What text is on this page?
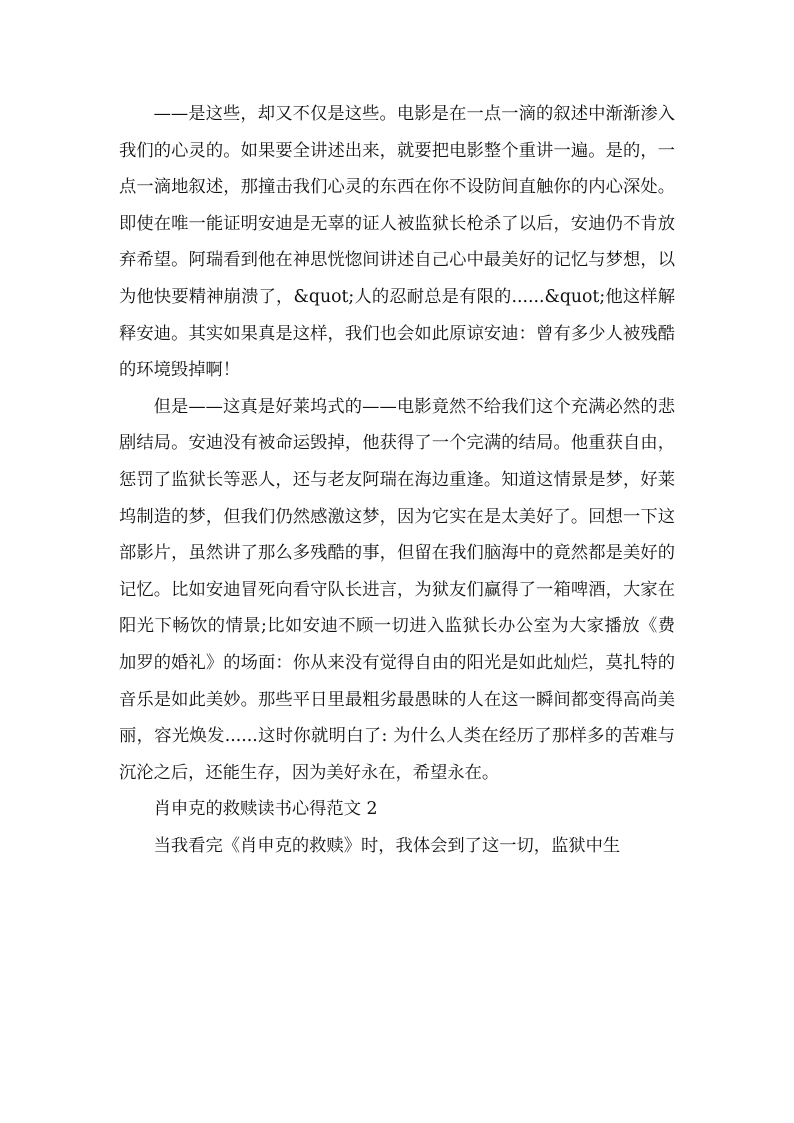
——是这些，却又不仅是这些。电影是在一点一滴的叙述中渐渐渗入我们的心灵的。如果要全讲述出来，就要把电影整个重讲一遍。是的，一点一滴地叙述，那撞击我们心灵的东西在你不设防间直触你的内心深处。即使在唯一能证明安迪是无辜的证人被监狱长枪杀了以后，安迪仍不肯放弃希望。阿瑞看到他在神思恍惚间讲述自己心中最美好的记忆与梦想，以为他快要精神崩溃了，&quot;人的忍耐总是有限的......&quot;他这样解释安迪。其实如果真是这样，我们也会如此原谅安迪：曾有多少人被残酷的环境毁掉啊！

但是——这真是好莱坞式的——电影竟然不给我们这个充满必然的悲剧结局。安迪没有被命运毁掉，他获得了一个完满的结局。他重获自由，惩罚了监狱长等恶人，还与老友阿瑞在海边重逢。知道这情景是梦，好莱坞制造的梦，但我们仍然感激这梦，因为它实在是太美好了。回想一下这部影片，虽然讲了那么多残酷的事，但留在我们脑海中的竟然都是美好的记忆。比如安迪冒死向看守队长进言，为狱友们赢得了一箱啤酒，大家在阳光下畅饮的情景;比如安迪不顾一切进入监狱长办公室为大家播放《费加罗的婚礼》的场面：你从来没有觉得自由的阳光是如此灿烂，莫扎特的音乐是如此美妙。那些平日里最粗劣最愚昧的人在这一瞬间都变得高尚美丽，容光焕发......这时你就明白了: 为什么人类在经历了那样多的苦难与沉沦之后，还能生存，因为美好永在，希望永在。

肖申克的救赎读书心得范文 2

当我看完《肖申克的救赎》时，我体会到了这一切，监狱中生
